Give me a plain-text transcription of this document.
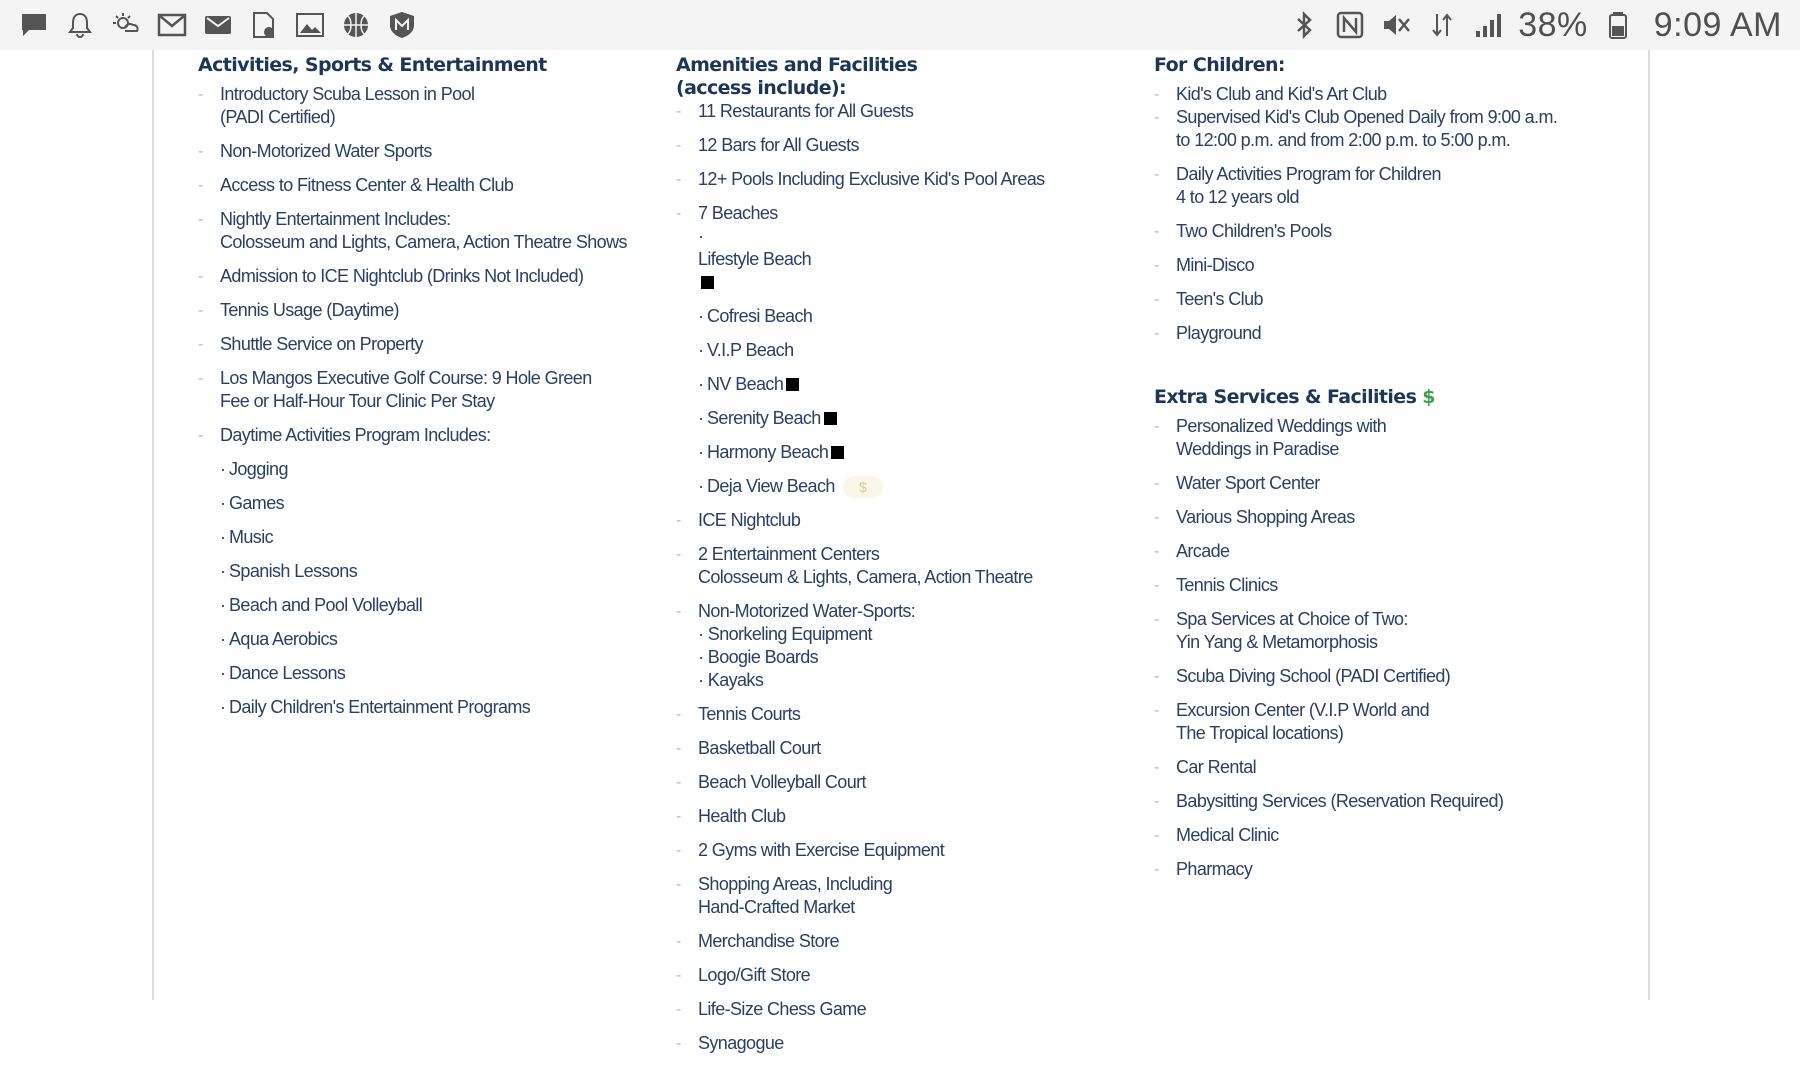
38% 9:09 AM
Activities, Sports & Entertainment
- Introductory Scuba Lesson in Pool
(PADI Certified)
- Non-Motorized Water Sports
- Access to Fitness Center & Health Club
- Nightly Entertainment Includes:
Colosseum and Lights, Camera, Action Theatre Shows
- Admission to ICE Nightclub (Drinks Not Included)
- Tennis Usage (Daytime)
- Shuttle Service on Property
- Los Mangos Executive Golf Course: 9 Hole Green
Fee or Half-Hour Tour Clinic Per Stay
- Daytime Activities Program Includes:
· Jogging
· Games
· Music
· Spanish Lessons
· Beach and Pool Volleyball
· Aqua Aerobics
· Dance Lessons
· Daily Children's Entertainment Programs
Amenities and Facilities
(access include):
- 11 Restaurants for All Guests
- 12 Bars for All Guests
- 12+ Pools Including Exclusive Kid's Pool Areas
- 7 Beaches
·
Lifestyle Beach
· Cofresi Beach
· V.I.P Beach
· NV Beach
· Serenity Beach
· Harmony Beach
· Deja View Beach $
- ICE Nightclub
- 2 Entertainment Centers
Colosseum & Lights, Camera, Action Theatre
- Non-Motorized Water-Sports:
· Snorkeling Equipment
· Boogie Boards
· Kayaks
- Tennis Courts
- Basketball Court
- Beach Volleyball Court
- Health Club
- 2 Gyms with Exercise Equipment
- Shopping Areas, Including
Hand-Crafted Market
- Merchandise Store
- Logo/Gift Store
- Life-Size Chess Game
- Synagogue
For Children:
- Kid's Club and Kid's Art Club
- Supervised Kid's Club Opened Daily from 9:00 a.m.
to 12:00 p.m. and from 2:00 p.m. to 5:00 p.m.
- Daily Activities Program for Children
4 to 12 years old
- Two Children's Pools
- Mini-Disco
- Teen's Club
- Playground
Extra Services & Facilities $
- Personalized Weddings with
Weddings in Paradise
- Water Sport Center
- Various Shopping Areas
- Arcade
- Tennis Clinics
- Spa Services at Choice of Two:
Yin Yang & Metamorphosis
- Scuba Diving School (PADI Certified)
- Excursion Center (V.I.P World and
The Tropical locations)
- Car Rental
- Babysitting Services (Reservation Required)
- Medical Clinic
- Pharmacy
